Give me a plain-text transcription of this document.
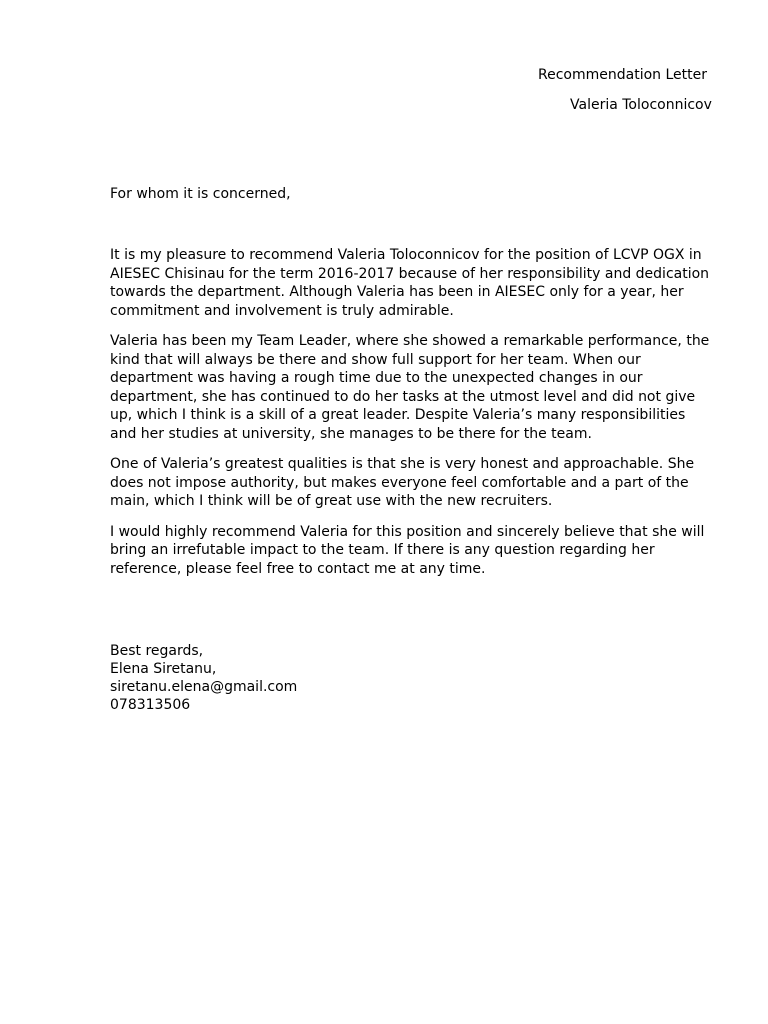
Recommendation Letter
Valeria Toloconnicov
For whom it is concerned,

It is my pleasure to recommend Valeria Toloconnicov for the position of LCVP OGX in AIESEC Chisinau for the term 2016-2017 because of her responsibility and dedication towards the department. Although Valeria has been in AIESEC only for a year, her commitment and involvement is truly admirable.

Valeria has been my Team Leader, where she showed a remarkable performance, the kind that will always be there and show full support for her team. When our department was having a rough time due to the unexpected changes in our department, she has continued to do her tasks at the utmost level and did not give up, which I think is a skill of a great leader. Despite Valeria’s many responsibilities and her studies at university, she manages to be there for the team.

One of Valeria’s greatest qualities is that she is very honest and approachable. She does not impose authority, but makes everyone feel comfortable and a part of the main, which I think will be of great use with the new recruiters.

I would highly recommend Valeria for this position and sincerely believe that she will bring an irrefutable impact to the team. If there is any question regarding her reference, please feel free to contact me at any time.

Best regards,
Elena Siretanu,
siretanu.elena@gmail.com
078313506
